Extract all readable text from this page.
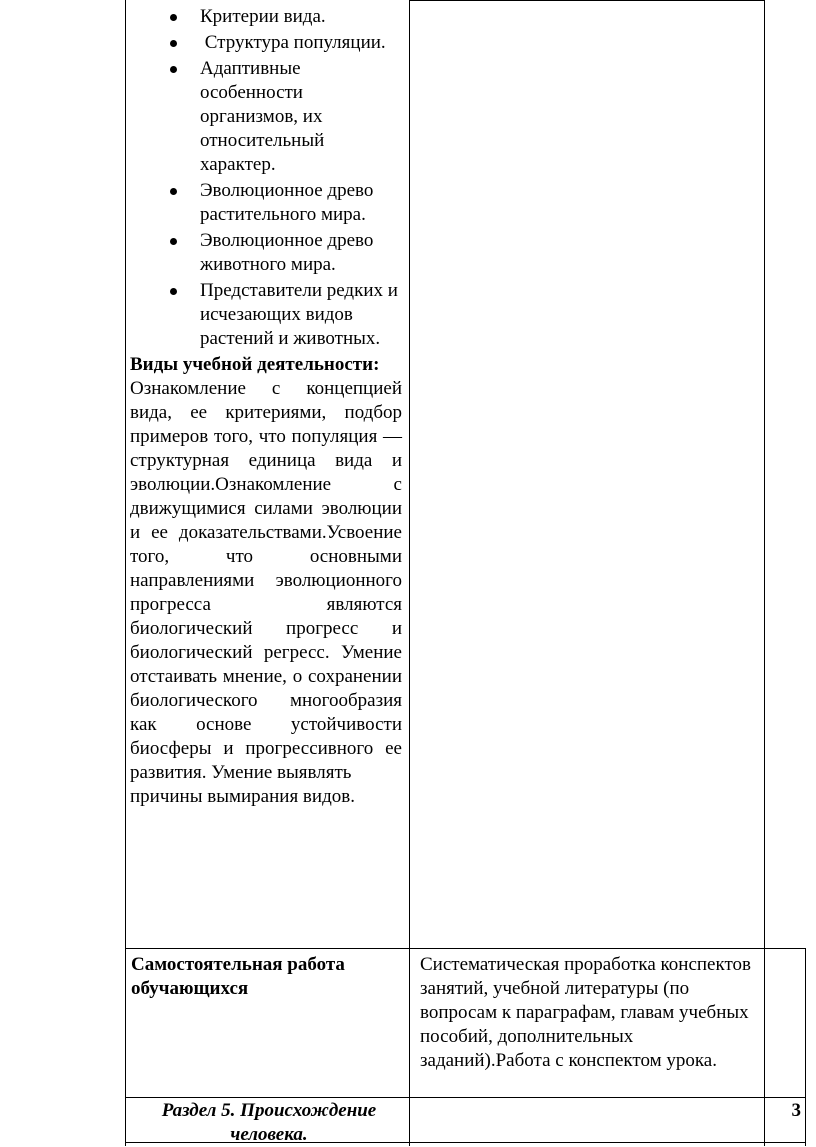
Критерии вида.
Структура популяции.
Адаптивные особенности организмов, их относительный характер.
Эволюционное древо растительного мира.
Эволюционное древо животного мира.
Представители редких и исчезающих видов растений и животных.
Виды учебной деятельности:
Ознакомление с концепцией вида, ее критериями, подбор примеров того, что популяция — структурная единица вида и эволюции.Ознакомление с движущимися силами эволюции и ее доказательствами.Усвоение того, что основными направлениями эволюционного прогресса являются биологический прогресс и биологический регресс. Умение отстаивать мнение, о сохранении биологического многообразия как основе устойчивости биосферы и прогрессивного ее развития. Умение выявлять
причины вымирания видов.
Самостоятельная работа обучающихся
Систематическая проработка конспектов занятий, учебной литературы (по вопросам к параграфам, главам учебных пособий, дополнительных заданий).Работа с конспектом урока.
Раздел 5. Происхождение человека.
3
